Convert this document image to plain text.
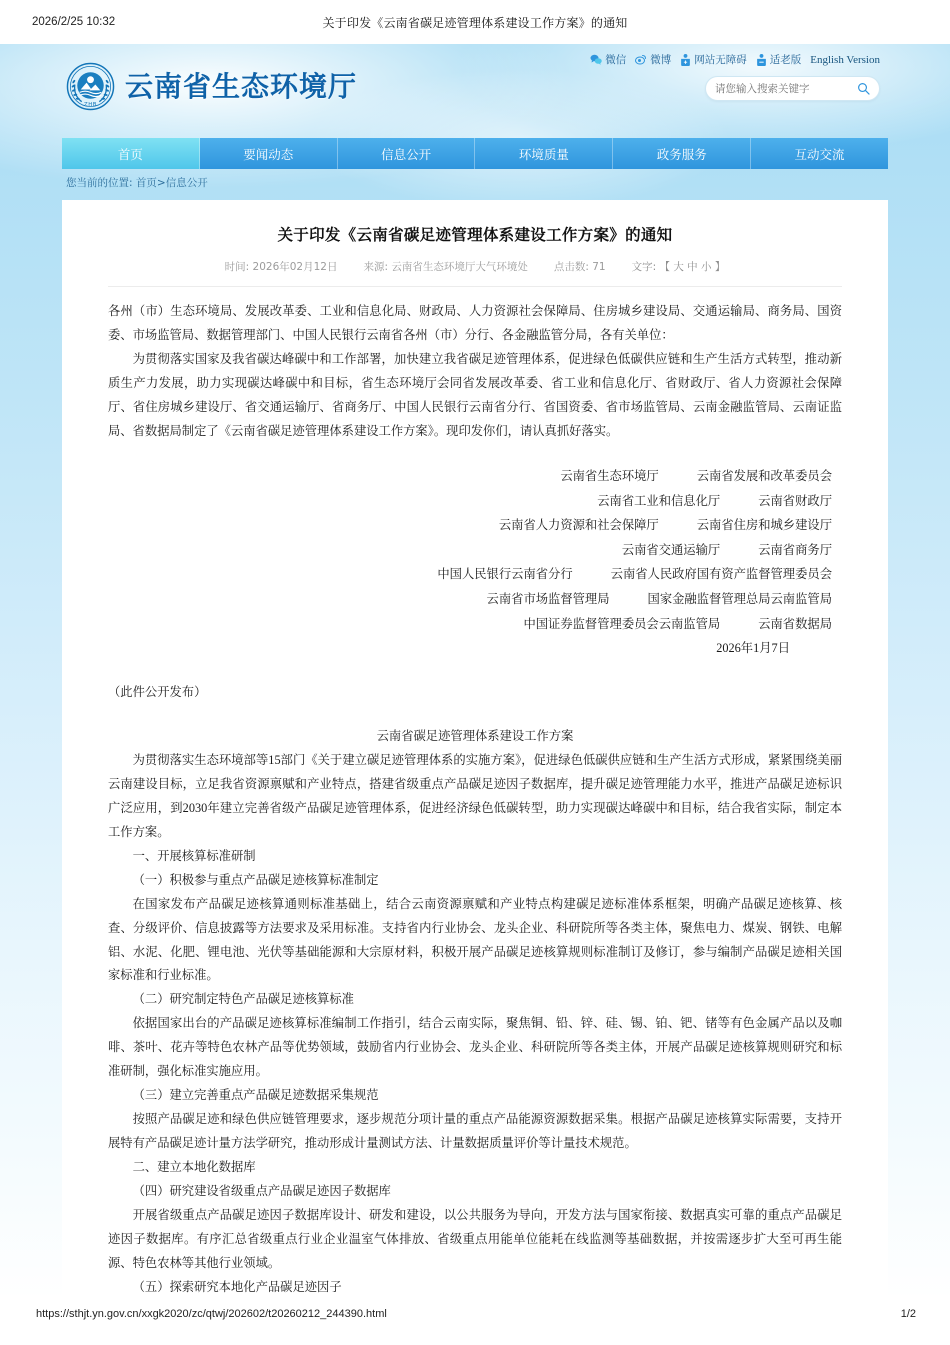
2026/2/25 10:32	关于印发《云南省碳足迹管理体系建设工作方案》的通知
ZHB
云南省生态环境厅
微信 微博 网站无障碍 适老版 English Version
请您输入搜索关键字
首页	要闻动态	信息公开	环境质量	政务服务	互动交流
您当前的位置: 首页>信息公开
关于印发《云南省碳足迹管理体系建设工作方案》的通知
时间: 2026年02月12日 来源: 云南省生态环境厅大气环境处 点击数: 71 文字: 【 大 中 小 】

各州（市）生态环境局、发展改革委、工业和信息化局、财政局、人力资源社会保障局、住房城乡建设局、交通运输局、商务局、国资委、市场监管局、数据管理部门、中国人民银行云南省各州（市）分行、各金融监管分局，各有关单位：

为贯彻落实国家及我省碳达峰碳中和工作部署，加快建立我省碳足迹管理体系，促进绿色低碳供应链和生产生活方式转型，推动新质生产力发展，助力实现碳达峰碳中和目标，省生态环境厅会同省发展改革委、省工业和信息化厅、省财政厅、省人力资源社会保障厅、省住房城乡建设厅、省交通运输厅、省商务厅、中国人民银行云南省分行、省国资委、省市场监管局、云南金融监管局、云南证监局、省数据局制定了《云南省碳足迹管理体系建设工作方案》。现印发你们，请认真抓好落实。

云南省生态环境厅	云南省发展和改革委员会
云南省工业和信息化厅	云南省财政厅
云南省人力资源和社会保障厅	云南省住房和城乡建设厅
云南省交通运输厅	云南省商务厅
中国人民银行云南省分行	云南省人民政府国有资产监督管理委员会
云南省市场监督管理局	国家金融监督管理总局云南监管局
中国证券监督管理委员会云南监管局	云南省数据局
2026年1月7日

（此件公开发布）

云南省碳足迹管理体系建设工作方案

为贯彻落实生态环境部等15部门《关于建立碳足迹管理体系的实施方案》，促进绿色低碳供应链和生产生活方式形成，紧紧围绕美丽云南建设目标，立足我省资源禀赋和产业特点，搭建省级重点产品碳足迹因子数据库，提升碳足迹管理能力水平，推进产品碳足迹标识广泛应用，到2030年建立完善省级产品碳足迹管理体系，促进经济绿色低碳转型，助力实现碳达峰碳中和目标，结合我省实际，制定本工作方案。

一、开展核算标准研制

（一）积极参与重点产品碳足迹核算标准制定

在国家发布产品碳足迹核算通则标准基础上，结合云南资源禀赋和产业特点构建碳足迹标准体系框架，明确产品碳足迹核算、核查、分级评价、信息披露等方法要求及采用标准。支持省内行业协会、龙头企业、科研院所等各类主体，聚焦电力、煤炭、钢铁、电解铝、水泥、化肥、锂电池、光伏等基础能源和大宗原材料，积极开展产品碳足迹核算规则标准制订及修订，参与编制产品碳足迹相关国家标准和行业标准。

（二）研究制定特色产品碳足迹核算标准

依据国家出台的产品碳足迹核算标准编制工作指引，结合云南实际，聚焦铜、铅、锌、硅、锡、铂、钯、锗等有色金属产品以及咖啡、茶叶、花卉等特色农林产品等优势领域，鼓励省内行业协会、龙头企业、科研院所等各类主体，开展产品碳足迹核算规则研究和标准研制，强化标准实施应用。

（三）建立完善重点产品碳足迹数据采集规范

按照产品碳足迹和绿色供应链管理要求，逐步规范分项计量的重点产品能源资源数据采集。根据产品碳足迹核算实际需要，支持开展特有产品碳足迹计量方法学研究，推动形成计量测试方法、计量数据质量评价等计量技术规范。

二、建立本地化数据库

（四）研究建设省级重点产品碳足迹因子数据库

开展省级重点产品碳足迹因子数据库设计、研发和建设，以公共服务为导向，开发方法与国家衔接、数据真实可靠的重点产品碳足迹因子数据库。有序汇总省级重点行业企业温室气体排放、省级重点用能单位能耗在线监测等基础数据，并按需逐步扩大至可再生能源、特色农林等其他行业领域。

（五）探索研究本地化产品碳足迹因子

https://sthjt.yn.gov.cn/xxgk2020/zc/qtwj/202602/t20260212_244390.html	1/2
